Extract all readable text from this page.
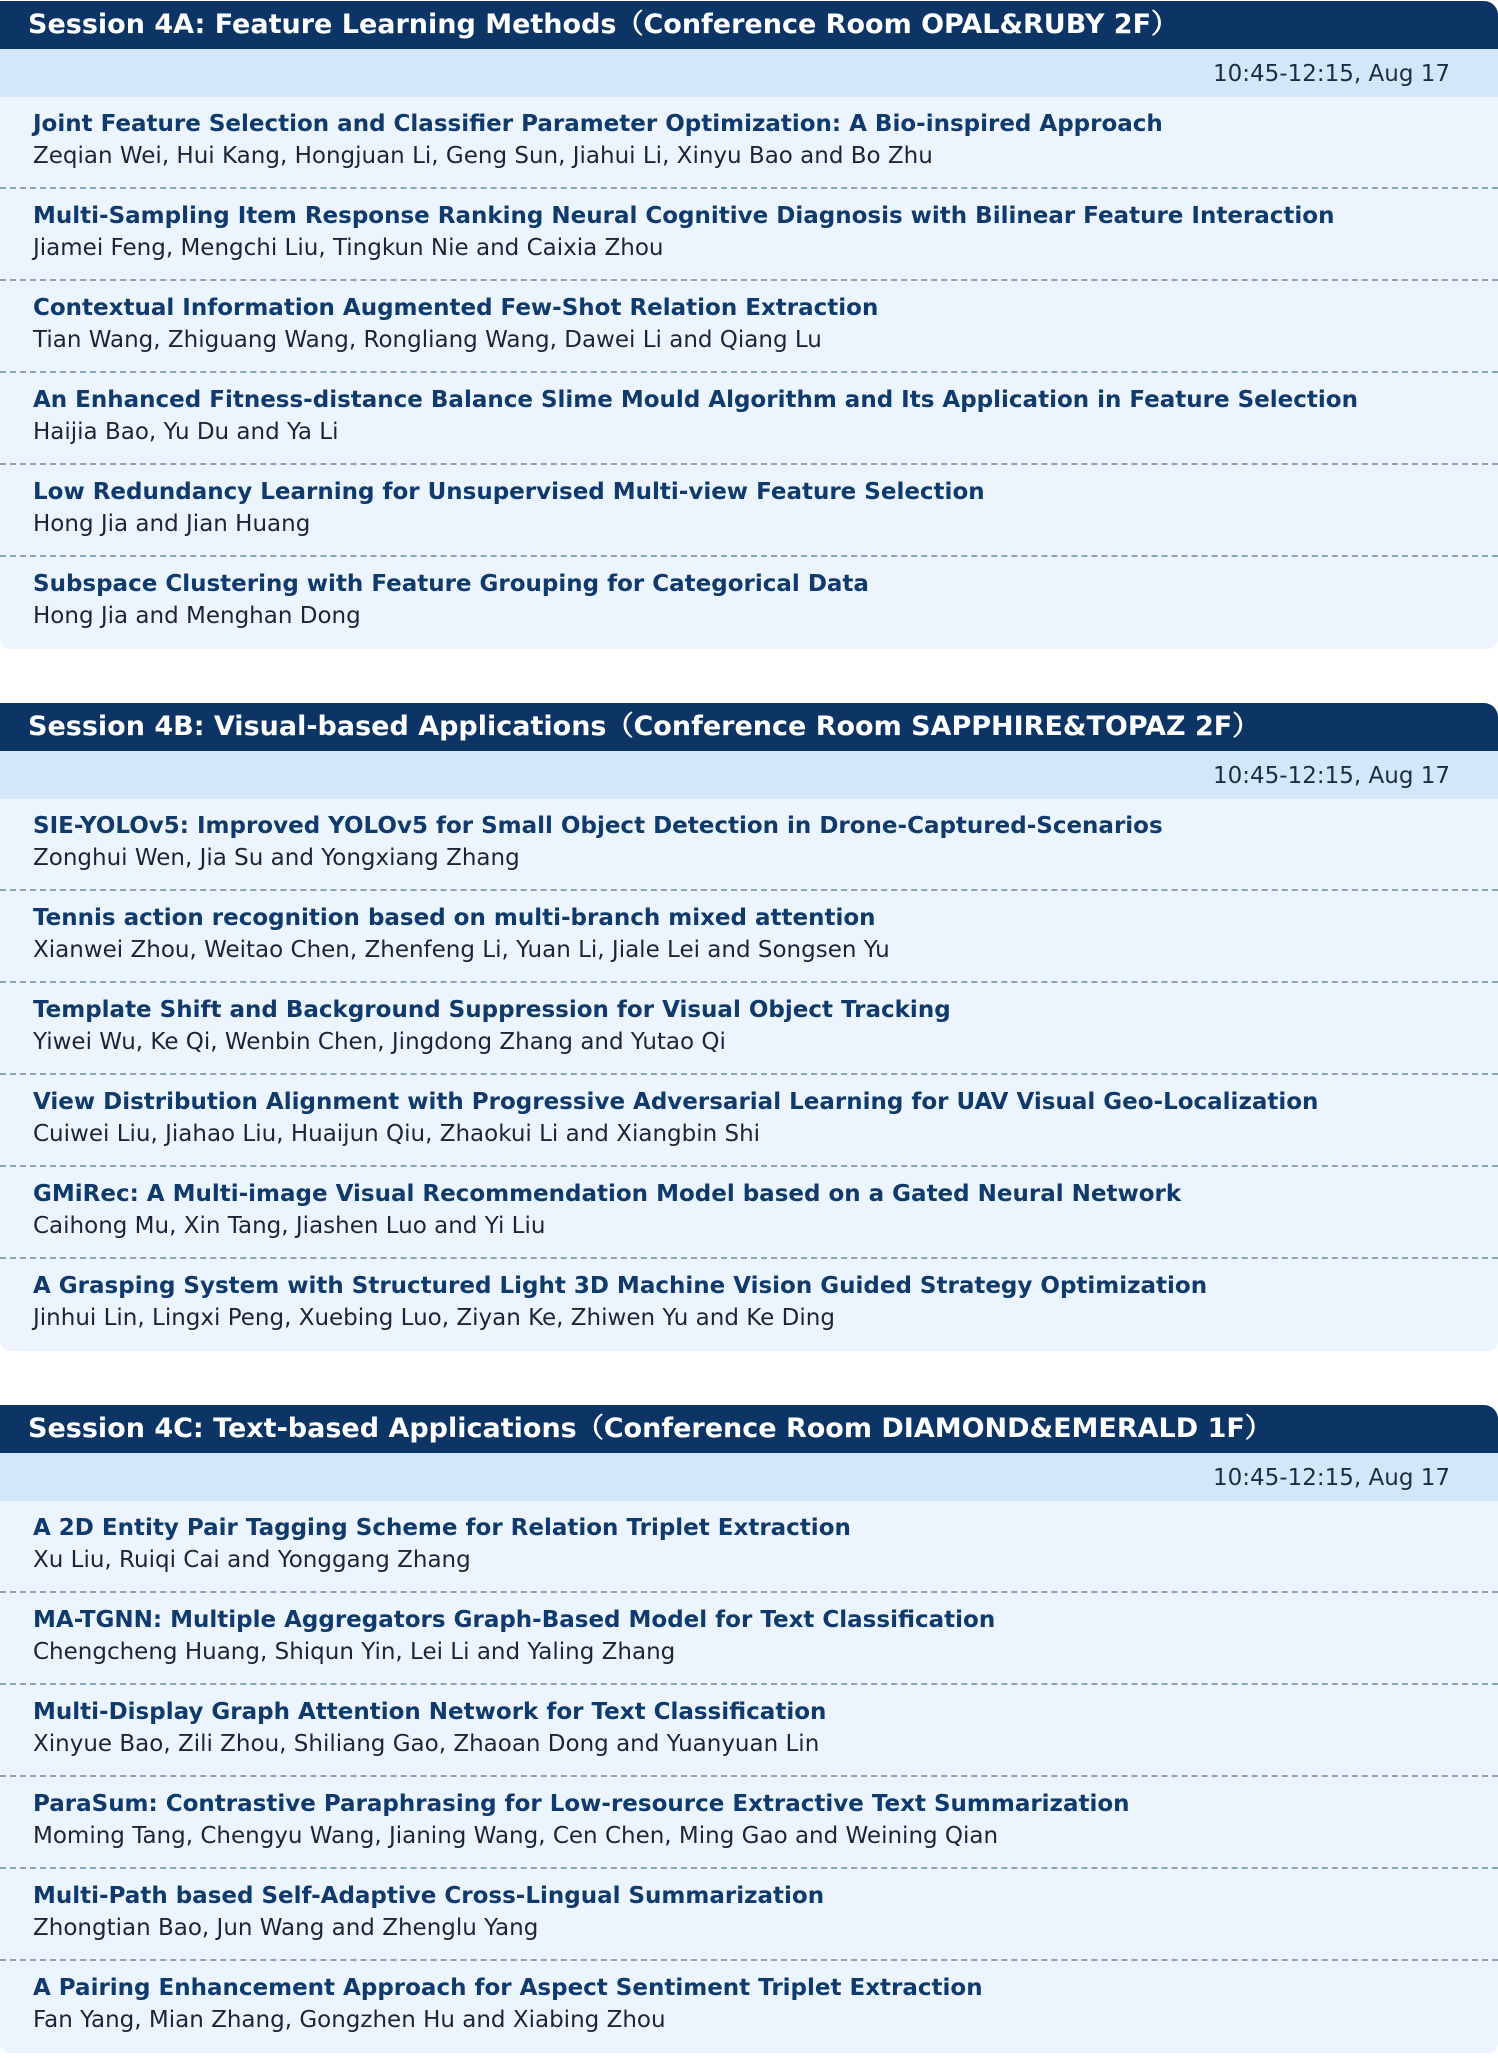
Session 4A: Feature Learning Methods（Conference Room OPAL&RUBY 2F）
10:45-12:15, Aug 17
Joint Feature Selection and Classifier Parameter Optimization: A Bio-inspired Approach
Zeqian Wei, Hui Kang, Hongjuan Li, Geng Sun, Jiahui Li, Xinyu Bao and Bo Zhu
Multi-Sampling Item Response Ranking Neural Cognitive Diagnosis with Bilinear Feature Interaction
Jiamei Feng, Mengchi Liu, Tingkun Nie and Caixia Zhou
Contextual Information Augmented Few-Shot Relation Extraction
Tian Wang, Zhiguang Wang, Rongliang Wang, Dawei Li and Qiang Lu
An Enhanced Fitness-distance Balance Slime Mould Algorithm and Its Application in Feature Selection
Haijia Bao, Yu Du and Ya Li
Low Redundancy Learning for Unsupervised Multi-view Feature Selection
Hong Jia and Jian Huang
Subspace Clustering with Feature Grouping for Categorical Data
Hong Jia and Menghan Dong
Session 4B: Visual-based Applications（Conference Room SAPPHIRE&TOPAZ 2F）
10:45-12:15, Aug 17
SIE-YOLOv5: Improved YOLOv5 for Small Object Detection in Drone-Captured-Scenarios
Zonghui Wen, Jia Su and Yongxiang Zhang
Tennis action recognition based on multi-branch mixed attention
Xianwei Zhou, Weitao Chen, Zhenfeng Li, Yuan Li, Jiale Lei and Songsen Yu
Template Shift and Background Suppression for Visual Object Tracking
Yiwei Wu, Ke Qi, Wenbin Chen, Jingdong Zhang and Yutao Qi
View Distribution Alignment with Progressive Adversarial Learning for UAV Visual Geo-Localization
Cuiwei Liu, Jiahao Liu, Huaijun Qiu, Zhaokui Li and Xiangbin Shi
GMiRec: A Multi-image Visual Recommendation Model based on a Gated Neural Network
Caihong Mu, Xin Tang, Jiashen Luo and Yi Liu
A Grasping System with Structured Light 3D Machine Vision Guided Strategy Optimization
Jinhui Lin, Lingxi Peng, Xuebing Luo, Ziyan Ke, Zhiwen Yu and Ke Ding
Session 4C: Text-based Applications（Conference Room DIAMOND&EMERALD 1F）
10:45-12:15, Aug 17
A 2D Entity Pair Tagging Scheme for Relation Triplet Extraction
Xu Liu, Ruiqi Cai and Yonggang Zhang
MA-TGNN: Multiple Aggregators Graph-Based Model for Text Classification
Chengcheng Huang, Shiqun Yin, Lei Li and Yaling Zhang
Multi-Display Graph Attention Network for Text Classification
Xinyue Bao, Zili Zhou, Shiliang Gao, Zhaoan Dong and Yuanyuan Lin
ParaSum: Contrastive Paraphrasing for Low-resource Extractive Text Summarization
Moming Tang, Chengyu Wang, Jianing Wang, Cen Chen, Ming Gao and Weining Qian
Multi-Path based Self-Adaptive Cross-Lingual Summarization
Zhongtian Bao, Jun Wang and Zhenglu Yang
A Pairing Enhancement Approach for Aspect Sentiment Triplet Extraction
Fan Yang, Mian Zhang, Gongzhen Hu and Xiabing Zhou
